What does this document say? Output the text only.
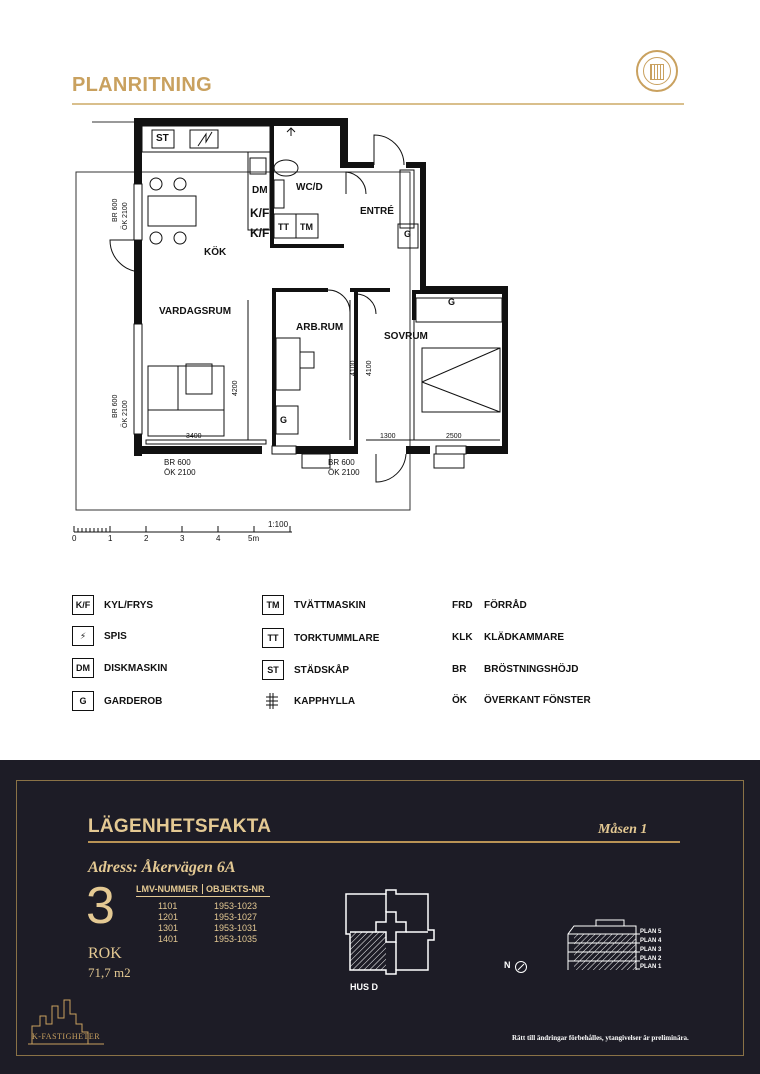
PLANRITNING
KÖK
VARDAGSRUM
WC/D
ENTRÉ
ARB.RUM
SOVRUM
ST
DM
K/F
K/F TT TM
G
G
G
BR 600 ÖK 2100
BR 600 ÖK 2100
BR 600
ÖK 2100
BR 600
ÖK 2100
4200
4100 4100
3400	1300	2500
1:100
0	1	2	3	4	5m
K/F	KYL/FRYS
⚡	SPIS
DM	DISKMASKIN
G	GARDEROB
TM	TVÄTTMASKIN
TT	TORKTUMMLARE
ST	STÄDSKÅP
KAPPHYLLA
FRD	FÖRRÅD
KLK	KLÄDKAMMARE
BR	BRÖSTNINGSHÖJD
ÖK	ÖVERKANT FÖNSTER
LÄGENHETSFAKTA	Måsen 1
Adress: Åkervägen 6A
3
ROK
71,7 m2
LMV-NUMMER OBJEKTS-NR
1101	1953-1023
1201	1953-1027
1301	1953-1031
1401	1953-1035
HUS D
N
PLAN 5
PLAN 4
PLAN 3
PLAN 2
PLAN 1
K-FASTIGHETER	Rätt till ändringar förbehålles, ytangivelser är preliminära.
